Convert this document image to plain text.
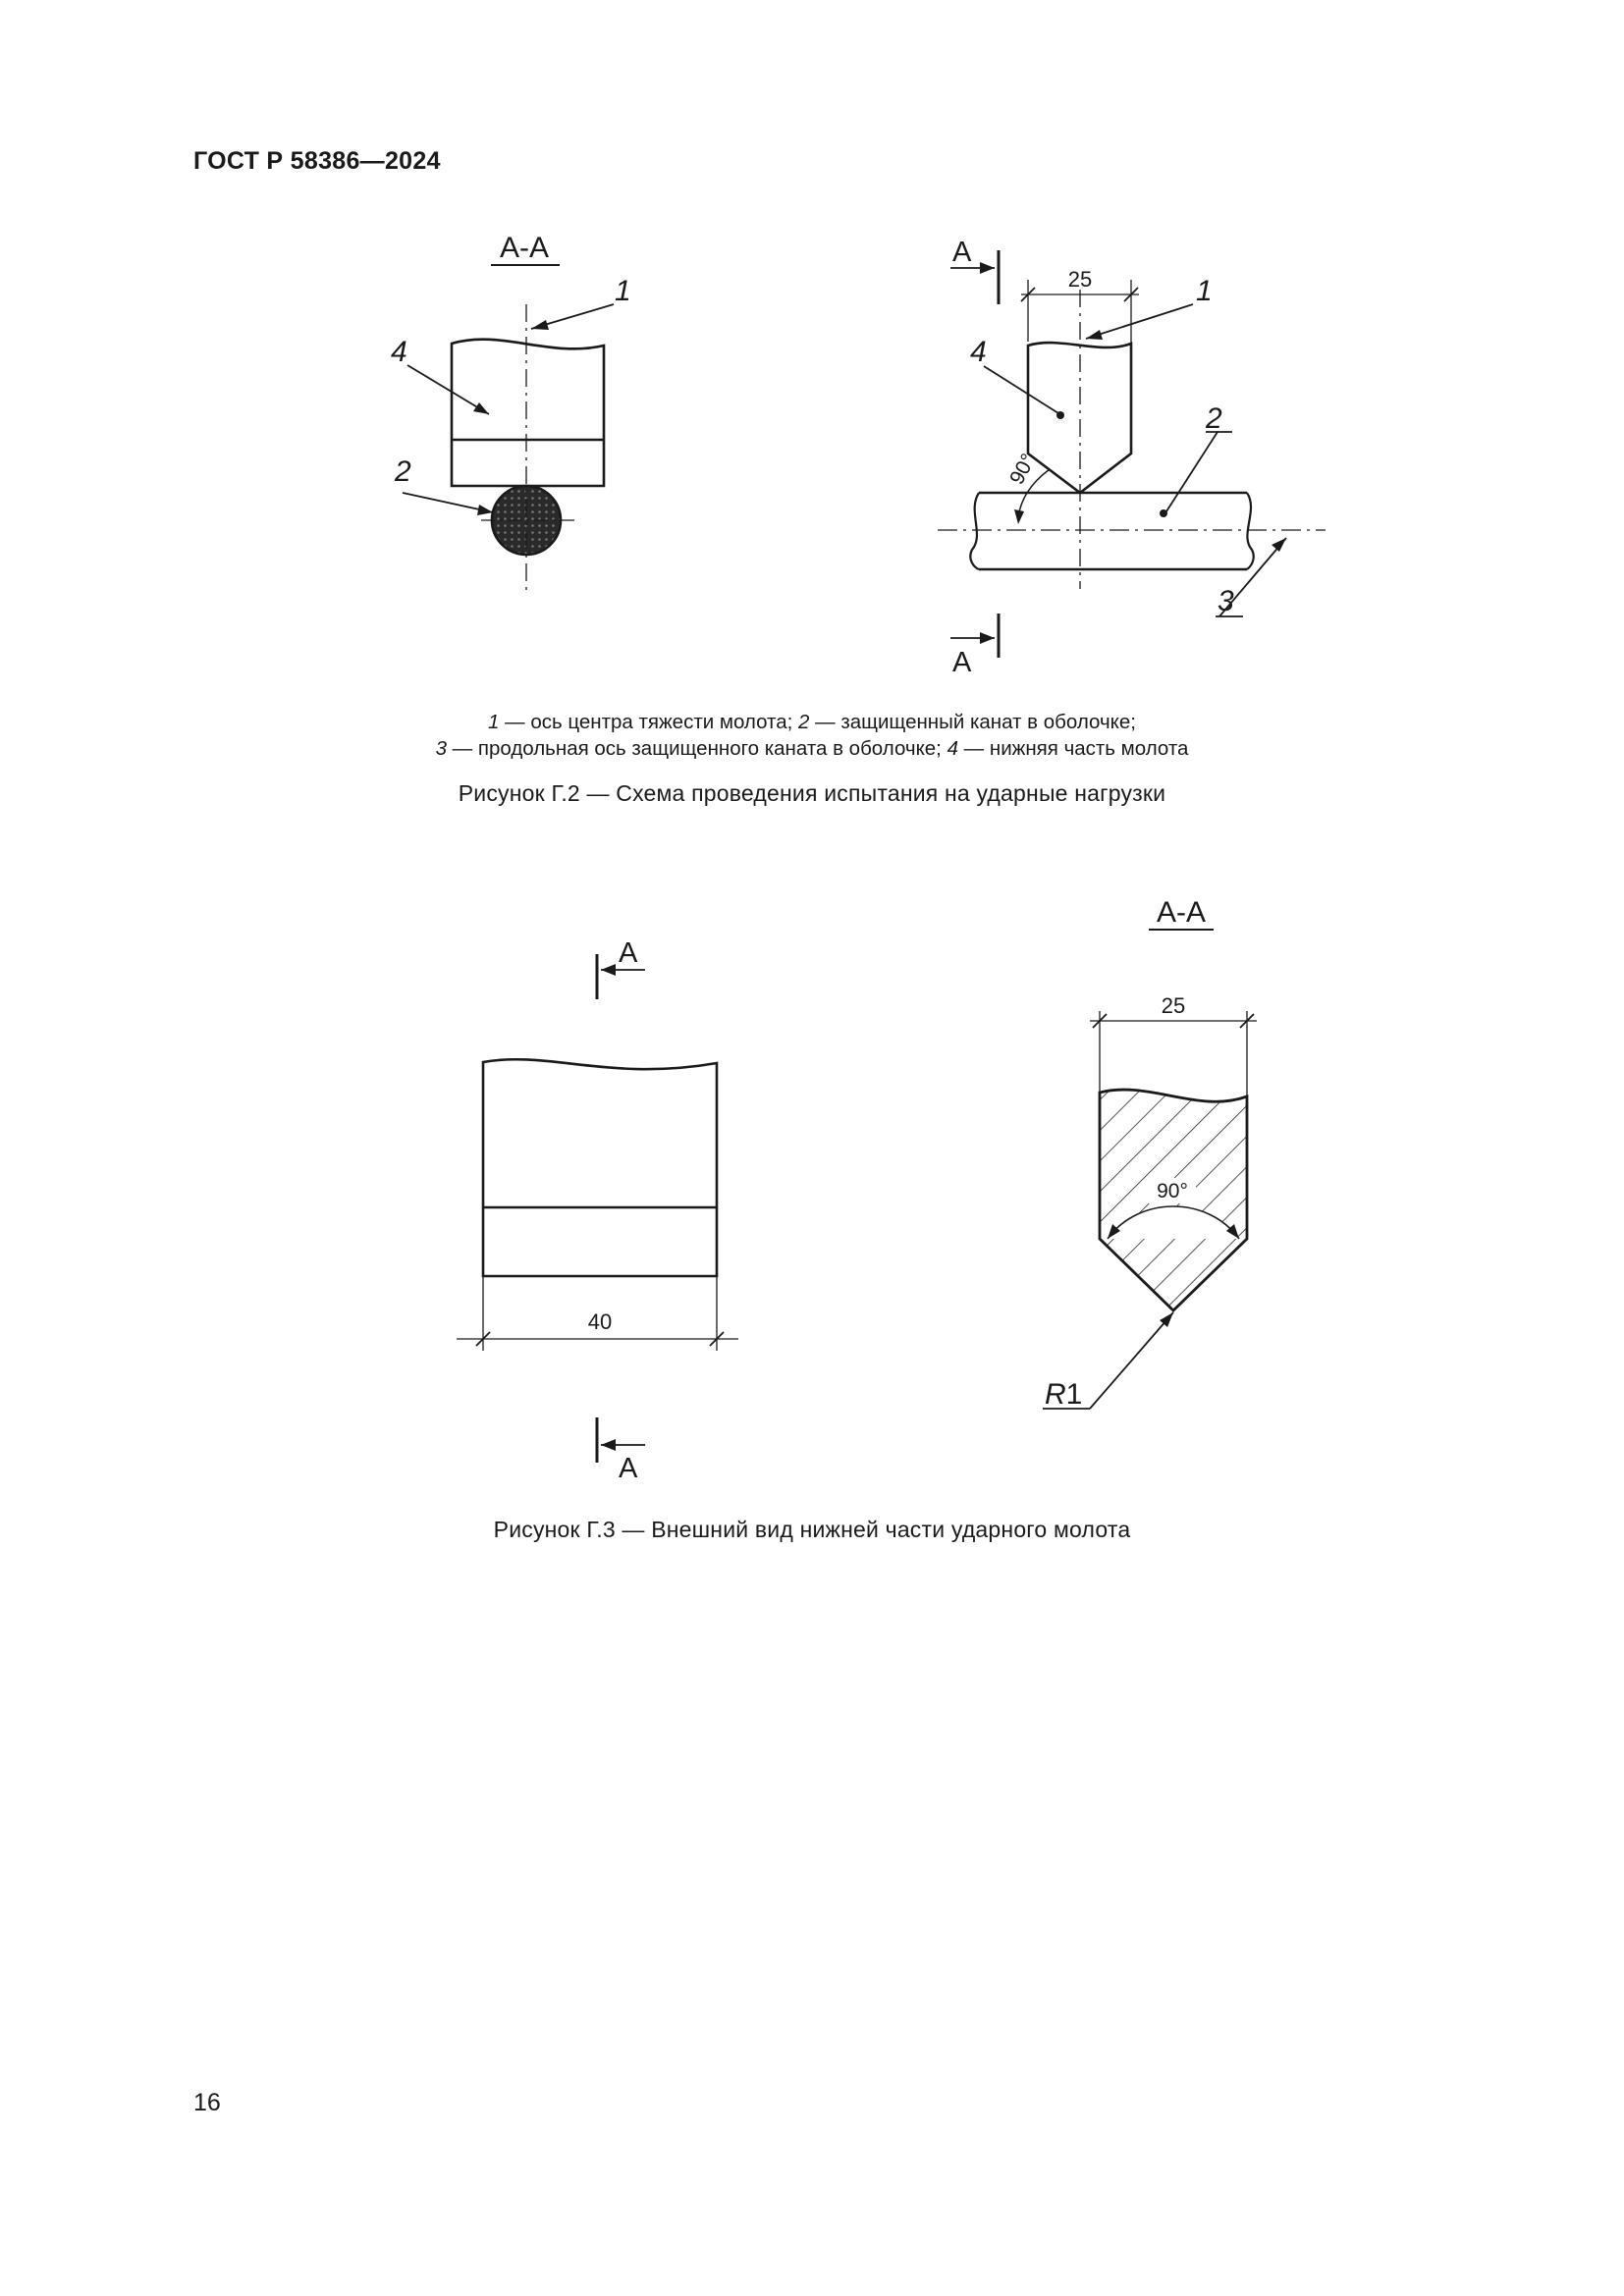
ГОСТ Р 58386—2024
А-А
1
4
2
А
А
25
90°
1
4
2
3
А
А
40
А-А
25
90°
R1
1 — ось центра тяжести молота; 2 — защищенный канат в оболочке;
3 — продольная ось защищенного каната в оболочке; 4 — нижняя часть молота
Рисунок Г.2 — Схема проведения испытания на ударные нагрузки
Рисунок Г.3 — Внешний вид нижней части ударного молота
16
